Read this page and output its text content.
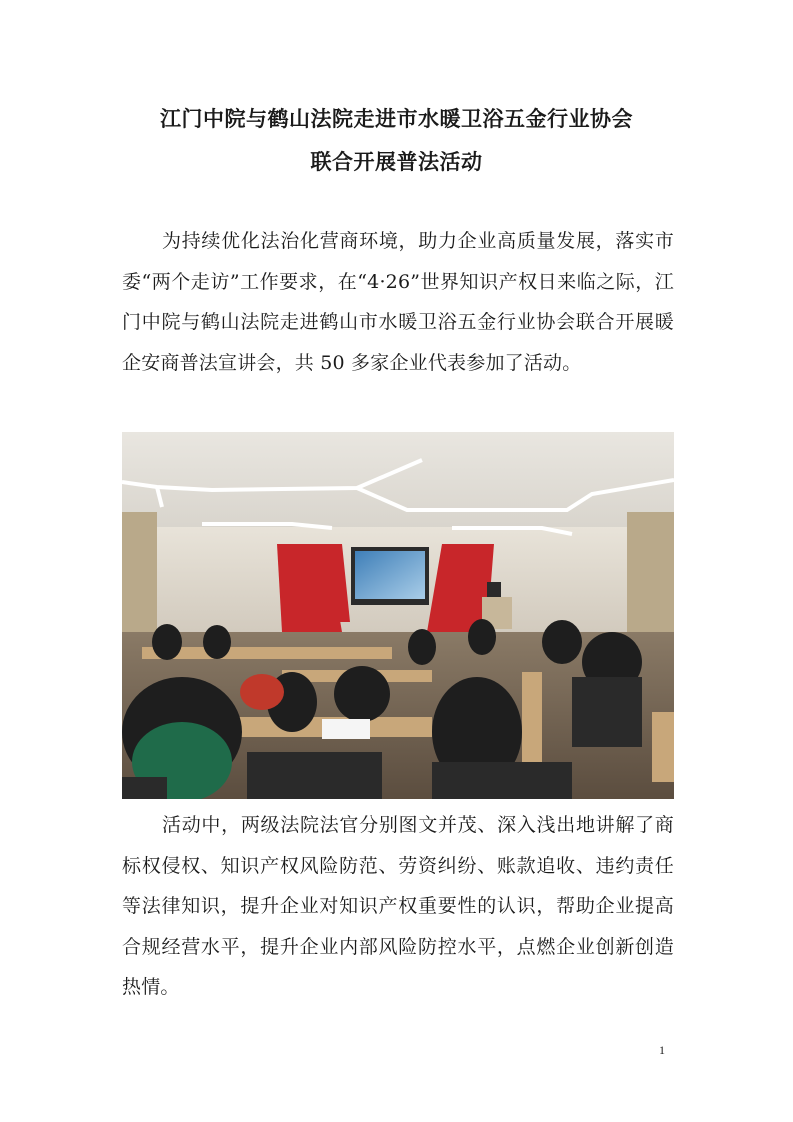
江门中院与鹤山法院走进市水暖卫浴五金行业协会
联合开展普法活动

为持续优化法治化营商环境，助力企业高质量发展，落实市委“两个走访”工作要求，在“4·26”世界知识产权日来临之际，江门中院与鹤山法院走进鹤山市水暖卫浴五金行业协会联合开展暖企安商普法宣讲会，共 50 多家企业代表参加了活动。

活动中，两级法院法官分别图文并茂、深入浅出地讲解了商标权侵权、知识产权风险防范、劳资纠纷、账款追收、违约责任等法律知识，提升企业对知识产权重要性的认识，帮助企业提高合规经营水平，提升企业内部风险防控水平，点燃企业创新创造热情。

1
